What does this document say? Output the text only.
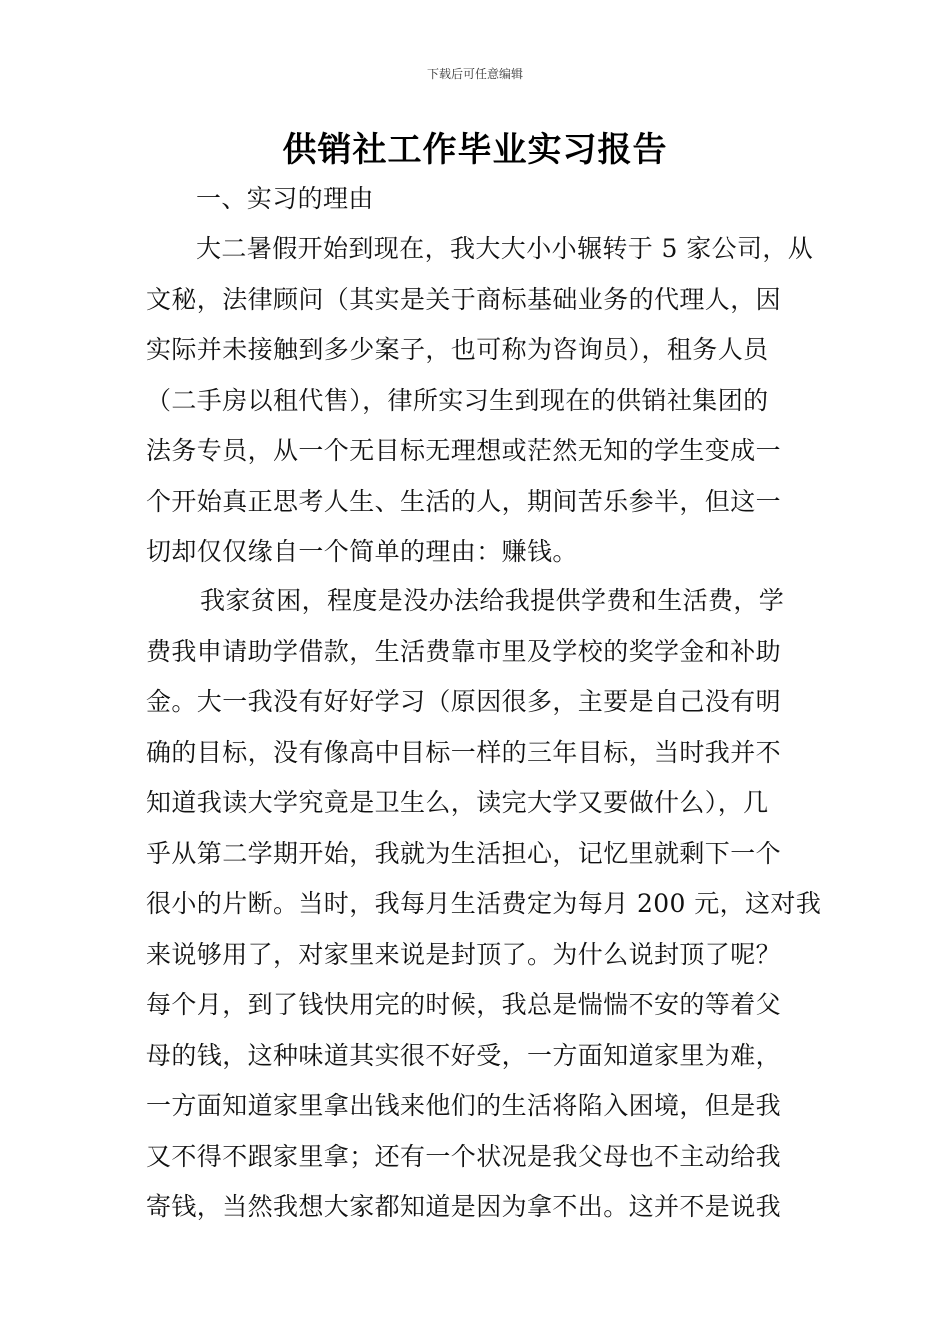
下载后可任意编辑
供销社工作毕业实习报告
一、实习的理由
大二暑假开始到现在，我大大小小辗转于 5 家公司，从
文秘，法律顾问（其实是关于商标基础业务的代理人，因
实际并未接触到多少案子，也可称为咨询员），租务人员
（二手房以租代售），律所实习生到现在的供销社集团的
法务专员，从一个无目标无理想或茫然无知的学生变成一
个开始真正思考人生、生活的人，期间苦乐参半，但这一
切却仅仅缘自一个简单的理由：赚钱。
我家贫困，程度是没办法给我提供学费和生活费，学
费我申请助学借款，生活费靠市里及学校的奖学金和补助
金。大一我没有好好学习（原因很多，主要是自己没有明
确的目标，没有像高中目标一样的三年目标，当时我并不
知道我读大学究竟是卫生么，读完大学又要做什么），几
乎从第二学期开始，我就为生活担心，记忆里就剩下一个
很小的片断。当时，我每月生活费定为每月 200 元，这对我
来说够用了，对家里来说是封顶了。为什么说封顶了呢？
每个月，到了钱快用完的时候，我总是惴惴不安的等着父
母的钱，这种味道其实很不好受，一方面知道家里为难，
一方面知道家里拿出钱来他们的生活将陷入困境，但是我
又不得不跟家里拿；还有一个状况是我父母也不主动给我
寄钱，当然我想大家都知道是因为拿不出。这并不是说我
